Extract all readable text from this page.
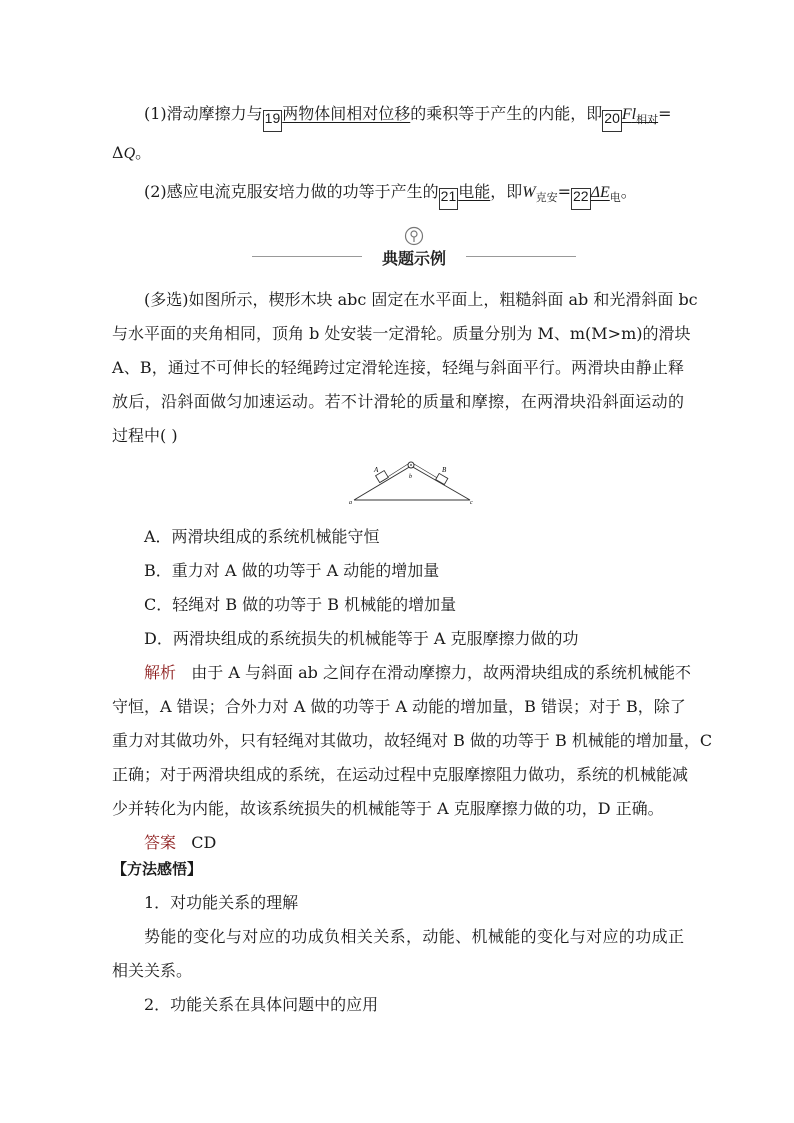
(1)滑动摩擦力与 19 两物体间相对位移的乘积等于产生的内能，即 20 $Fl_{相对}=$
ΔQ。
(2)感应电流克服安培力做的功等于产生的 21 电能，即$W_{克安}= 22$ $\Delta E_电$。
典题示例
(多选)如图所示，楔形木块 abc 固定在水平面上，粗糙斜面 ab 和光滑斜面 bc
与水平面的夹角相同，顶角 b 处安装一定滑轮。质量分别为 M、m(M>m)的滑块
A、B，通过不可伸长的轻绳跨过定滑轮连接，轻绳与斜面平行。两滑块由静止释
放后，沿斜面做匀加速运动。若不计滑轮的质量和摩擦，在两滑块沿斜面运动的
过程中( )
A	B
a
b
c
A．两滑块组成的系统机械能守恒
B．重力对 A 做的功等于 A 动能的增加量
C．轻绳对 B 做的功等于 B 机械能的增加量
D．两滑块组成的系统损失的机械能等于 A 克服摩擦力做的功
解析 由于 A 与斜面 ab 之间存在滑动摩擦力，故两滑块组成的系统机械能不
守恒，A 错误；合外力对 A 做的功等于 A 动能的增加量，B 错误；对于 B，除了
重力对其做功外，只有轻绳对其做功，故轻绳对 B 做的功等于 B 机械能的增加量，C
正确；对于两滑块组成的系统，在运动过程中克服摩擦阻力做功，系统的机械能减
少并转化为内能，故该系统损失的机械能等于 A 克服摩擦力做的功，D 正确。
答案 CD
【方法感悟】
1．对功能关系的理解
势能的变化与对应的功成负相关关系，动能、机械能的变化与对应的功成正
相关关系。
2．功能关系在具体问题中的应用
